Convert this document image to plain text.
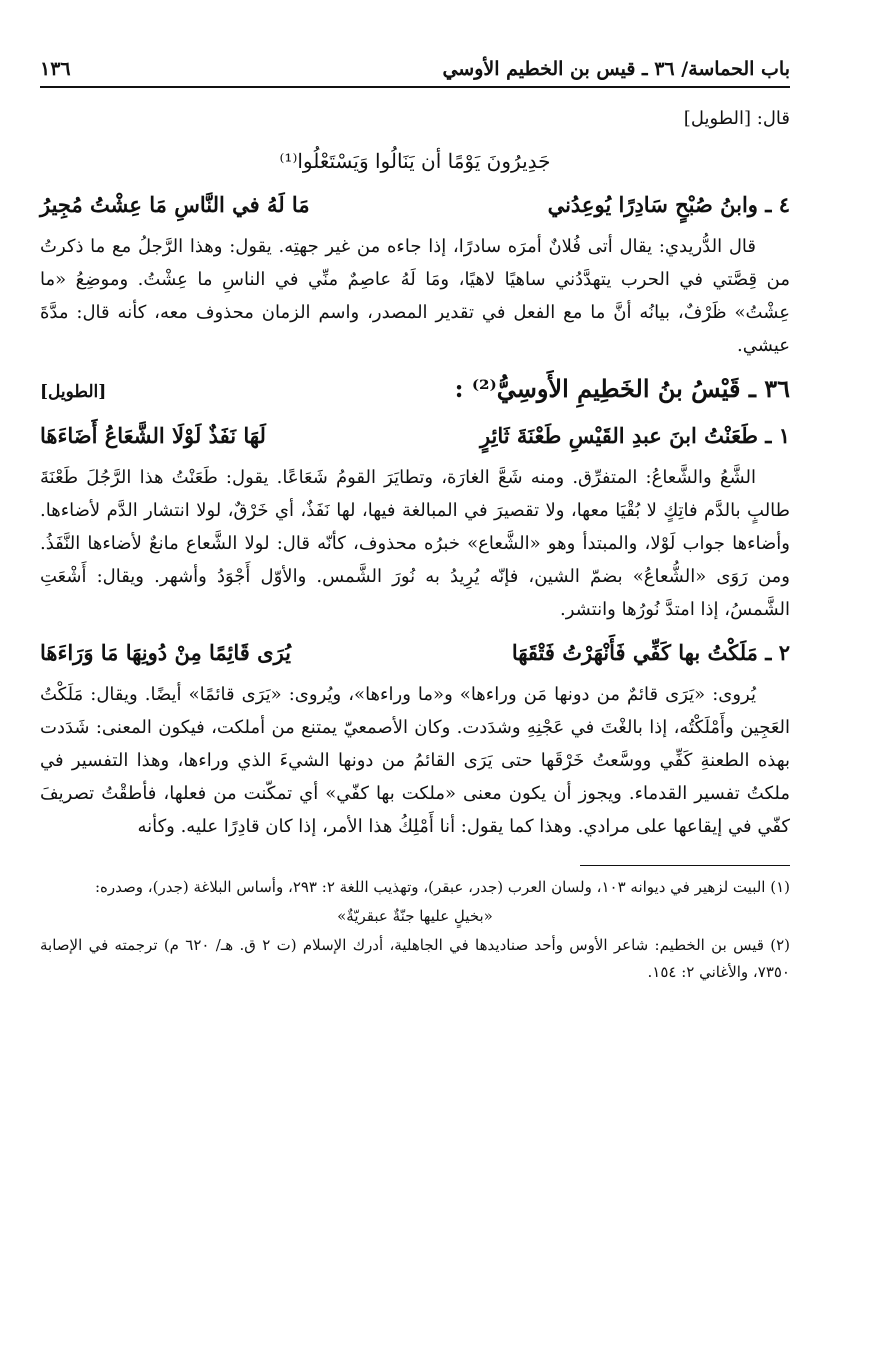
باب الحماسة/ ٣٦ ـ قيس بن الخطيم الأوسي
١٣٦
قال: [الطويل]
جَدِيرُونَ يَوْمًا أن يَنَالُوا وَيَسْتَعْلُوا⁽¹⁾
٤ ـ وابنُ صُبْحٍ سَادِرًا يُوعِدُني
مَا لَهُ في النَّاسِ مَا عِشْتُ مُجِيرُ

قال الدُّريدي: يقال أتى فُلانٌ أمرَه سادرًا، إذا جاءه من غير جهتِه. يقول: وهذا الرَّجلُ مع ما ذكرتُ من قِصَّتي في الحرب يتهدَّدُني ساهيًا لاهيًا، ومَا لَهُ عاصِمٌ منِّي في الناسِ ما عِشْتُ. وموضِعُ «ما عِشْتُ» ظَرْفٌ، بيانُه أنَّ ما مع الفعل في تقدير المصدر، واسم الزمان محذوف معه، كأنه قال: مدَّةَ عيشي.

٣٦ ـ قَيْسُ بنُ الخَطِيمِ الأَوسِيُّ⁽²⁾ :
[الطويل]
١ ـ طَعَنْتُ ابنَ عبدِ القَيْسِ طَعْنَةَ ثَائِرٍ
لَهَا نَفَذٌ لَوْلَا الشَّعَاعُ أَضَاءَهَا

الشَّعُ والشَّعاعُ: المتفرِّق. ومنه شَعَّ الغارَة، وتطايَرَ القومُ شَعَاعًا. يقول: طَعَنْتُ هذا الرَّجُلَ طَعْنَةَ طالبٍ بالدَّم فاتِكٍ لا بُقْيَا معها، ولا تقصيرَ في المبالغة فيها، لها نَفَذٌ، أي خَرْقٌ، لولا انتشار الدَّم لأضاءها. وأضاءها جواب لَوْلا، والمبتدأ وهو «الشَّعاع» خبرُه محذوف، كأنّه قال: لولا الشَّعاع مانعٌ لأضاءها النَّفَذُ. ومن رَوَى «الشُّعاعُ» بضمّ الشين، فإنّه يُرِيدُ به نُورَ الشَّمس. والأوّل أَجْوَدُ وأشهر. ويقال: أَشْعَتِ الشَّمسُ، إذا امتدَّ نُورُها وانتشر.

٢ ـ مَلَكْتُ بها كَفِّي فَأَنْهَرْتُ فَتْقَهَا
يُرَى قَائِمًا مِنْ دُونِهَا مَا وَرَاءَهَا

يُروى: «يَرَى قائمٌ من دونها مَن وراءها» و«ما وراءها»، ويُروى: «يَرَى قائمًا» أيضًا. ويقال: مَلَكْتُ العَجِين وأَمْلَكْتُه، إذا بالغْتَ في عَجْنِهِ وشدَدت. وكان الأصمعيّ يمتنع من أملكت، فيكون المعنى: شَدَدت بهذه الطعنةِ كَفِّي ووسَّعتُ خَرْقَها حتى يَرَى القائمُ من دونها الشيءَ الذي وراءها، وهذا التفسير في ملكتُ تفسير القدماء. ويجوز أن يكون معنى «ملكت بها كفّي» أي تمكّنت من فعلها، فأطقْتُ تصريفَ كفّي في إيقاعها على مرادي. وهذا كما يقول: أنا أَمْلِكُ هذا الأمر، إذا كان قادِرًا عليه. وكأنه

(١) البيت لزهير في ديوانه ١٠٣، ولسان العرب (جدر، عبقر)، وتهذيب اللغة ٢: ٢٩٣، وأساس البلاغة (جدر)، وصدره:

«بخيلٍ عليها جنّةٌ عبقريّةٌ»

(٢) قيس بن الخطيم: شاعر الأوس وأحد صناديدها في الجاهلية، أدرك الإسلام (ت ٢ ق. هـ/ ٦٢٠ م) ترجمته في الإصابة ٧٣٥٠، والأغاني ٢: ١٥٤.
